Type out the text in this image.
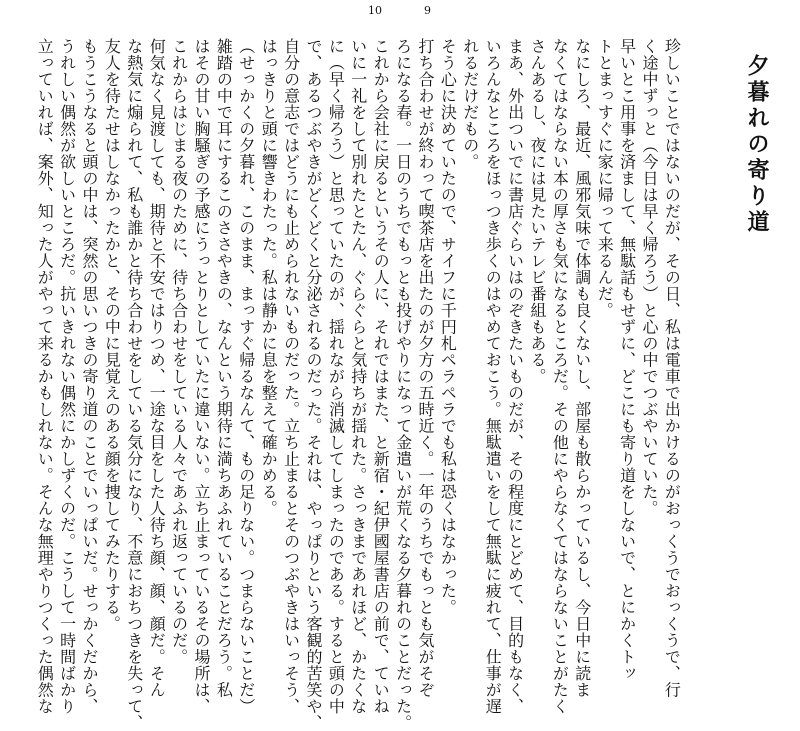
10	9
夕暮れの寄り道
珍しいことではないのだが、その日、私は電車で出かけるのがおっくうでおっくうで、行
く途中ずっと（今日は早く帰ろう）と心の中でつぶやいていた。
早いとこ用事を済まして、無駄話もせずに、どこにも寄り道をしないで、とにかくトッ
トとまっすぐに家に帰って来るんだ。
なにしろ、最近、風邪気味で体調も良くないし、部屋も散らかっているし、今日中に読ま
なくてはならない本の厚さも気になるところだ。その他にやらなくてはならないことがたく
さんあるし、夜には見たいテレビ番組もある。
まあ、外出ついでに書店ぐらいはのぞきたいものだが、その程度にとどめて、目的もなく、
いろんなところをほっつき歩くのはやめておこう。無駄遣いをして無駄に疲れて、仕事が遅
れるだけだもの。
そう心に決めていたので、サイフに千円札ペラペラでも私は恐くはなかった。
打ち合わせが終わって喫茶店を出たのが夕方の五時近く。一年のうちでもっとも気がそぞ
ろになる春。一日のうちでもっとも投げやりになって金遣いが荒くなる夕暮れのことだった。
これから会社に戻るというその人に、それではまた、と新宿・紀伊國屋書店の前で、ていね
いに一礼をして別れたとたん、ぐらぐらと気持ちが揺れた。さっきまであれほど、かたくな
に（早く帰ろう）と思っていたのが、揺れながら消滅してしまったのである。すると頭の中
で、あるつぶやきがどくどくと分泌されるのだった。それは、やっぱりという客観的苦笑や、
自分の意志ではどうにも止められないものだった。立ち止まるとそのつぶやきはいっそう、
はっきりと頭に響きわたった。私は静かに息を整えて確かめる。
（せっかくの夕暮れ、このまま、まっすぐ帰るなんて、もの足りない。つまらないことだ）
雑踏の中で耳にするこのささやきの、なんという期待に満ちあふれていることだろう。私
はその甘い胸騒ぎの予感にうっとりとしていたに違いない。立ち止まっているその場所は、
これからはじまる夜のために、待ち合わせをしている人々であふれ返っているのだ。
何気なく見渡しても、期待と不安ではりつめ、一途な目をした人待ち顔、顔、顔だ。そん
な熱気に煽られて、私も誰かと待ち合わせをしている気分になり、不意におちつきを失って、
友人を待たせはしなかったかと、その中に見覚えのある顔を捜してみたりする。
もうこうなると頭の中は、突然の思いつきの寄り道のことでいっぱいだ。せっかくだから、
うれしい偶然が欲しいところだ。抗いきれない偶然にかしずくのだ。こうして一時間ばかり
立っていれば、案外、知った人がやって来るかもしれない。そんな無理やりつくった偶然な
